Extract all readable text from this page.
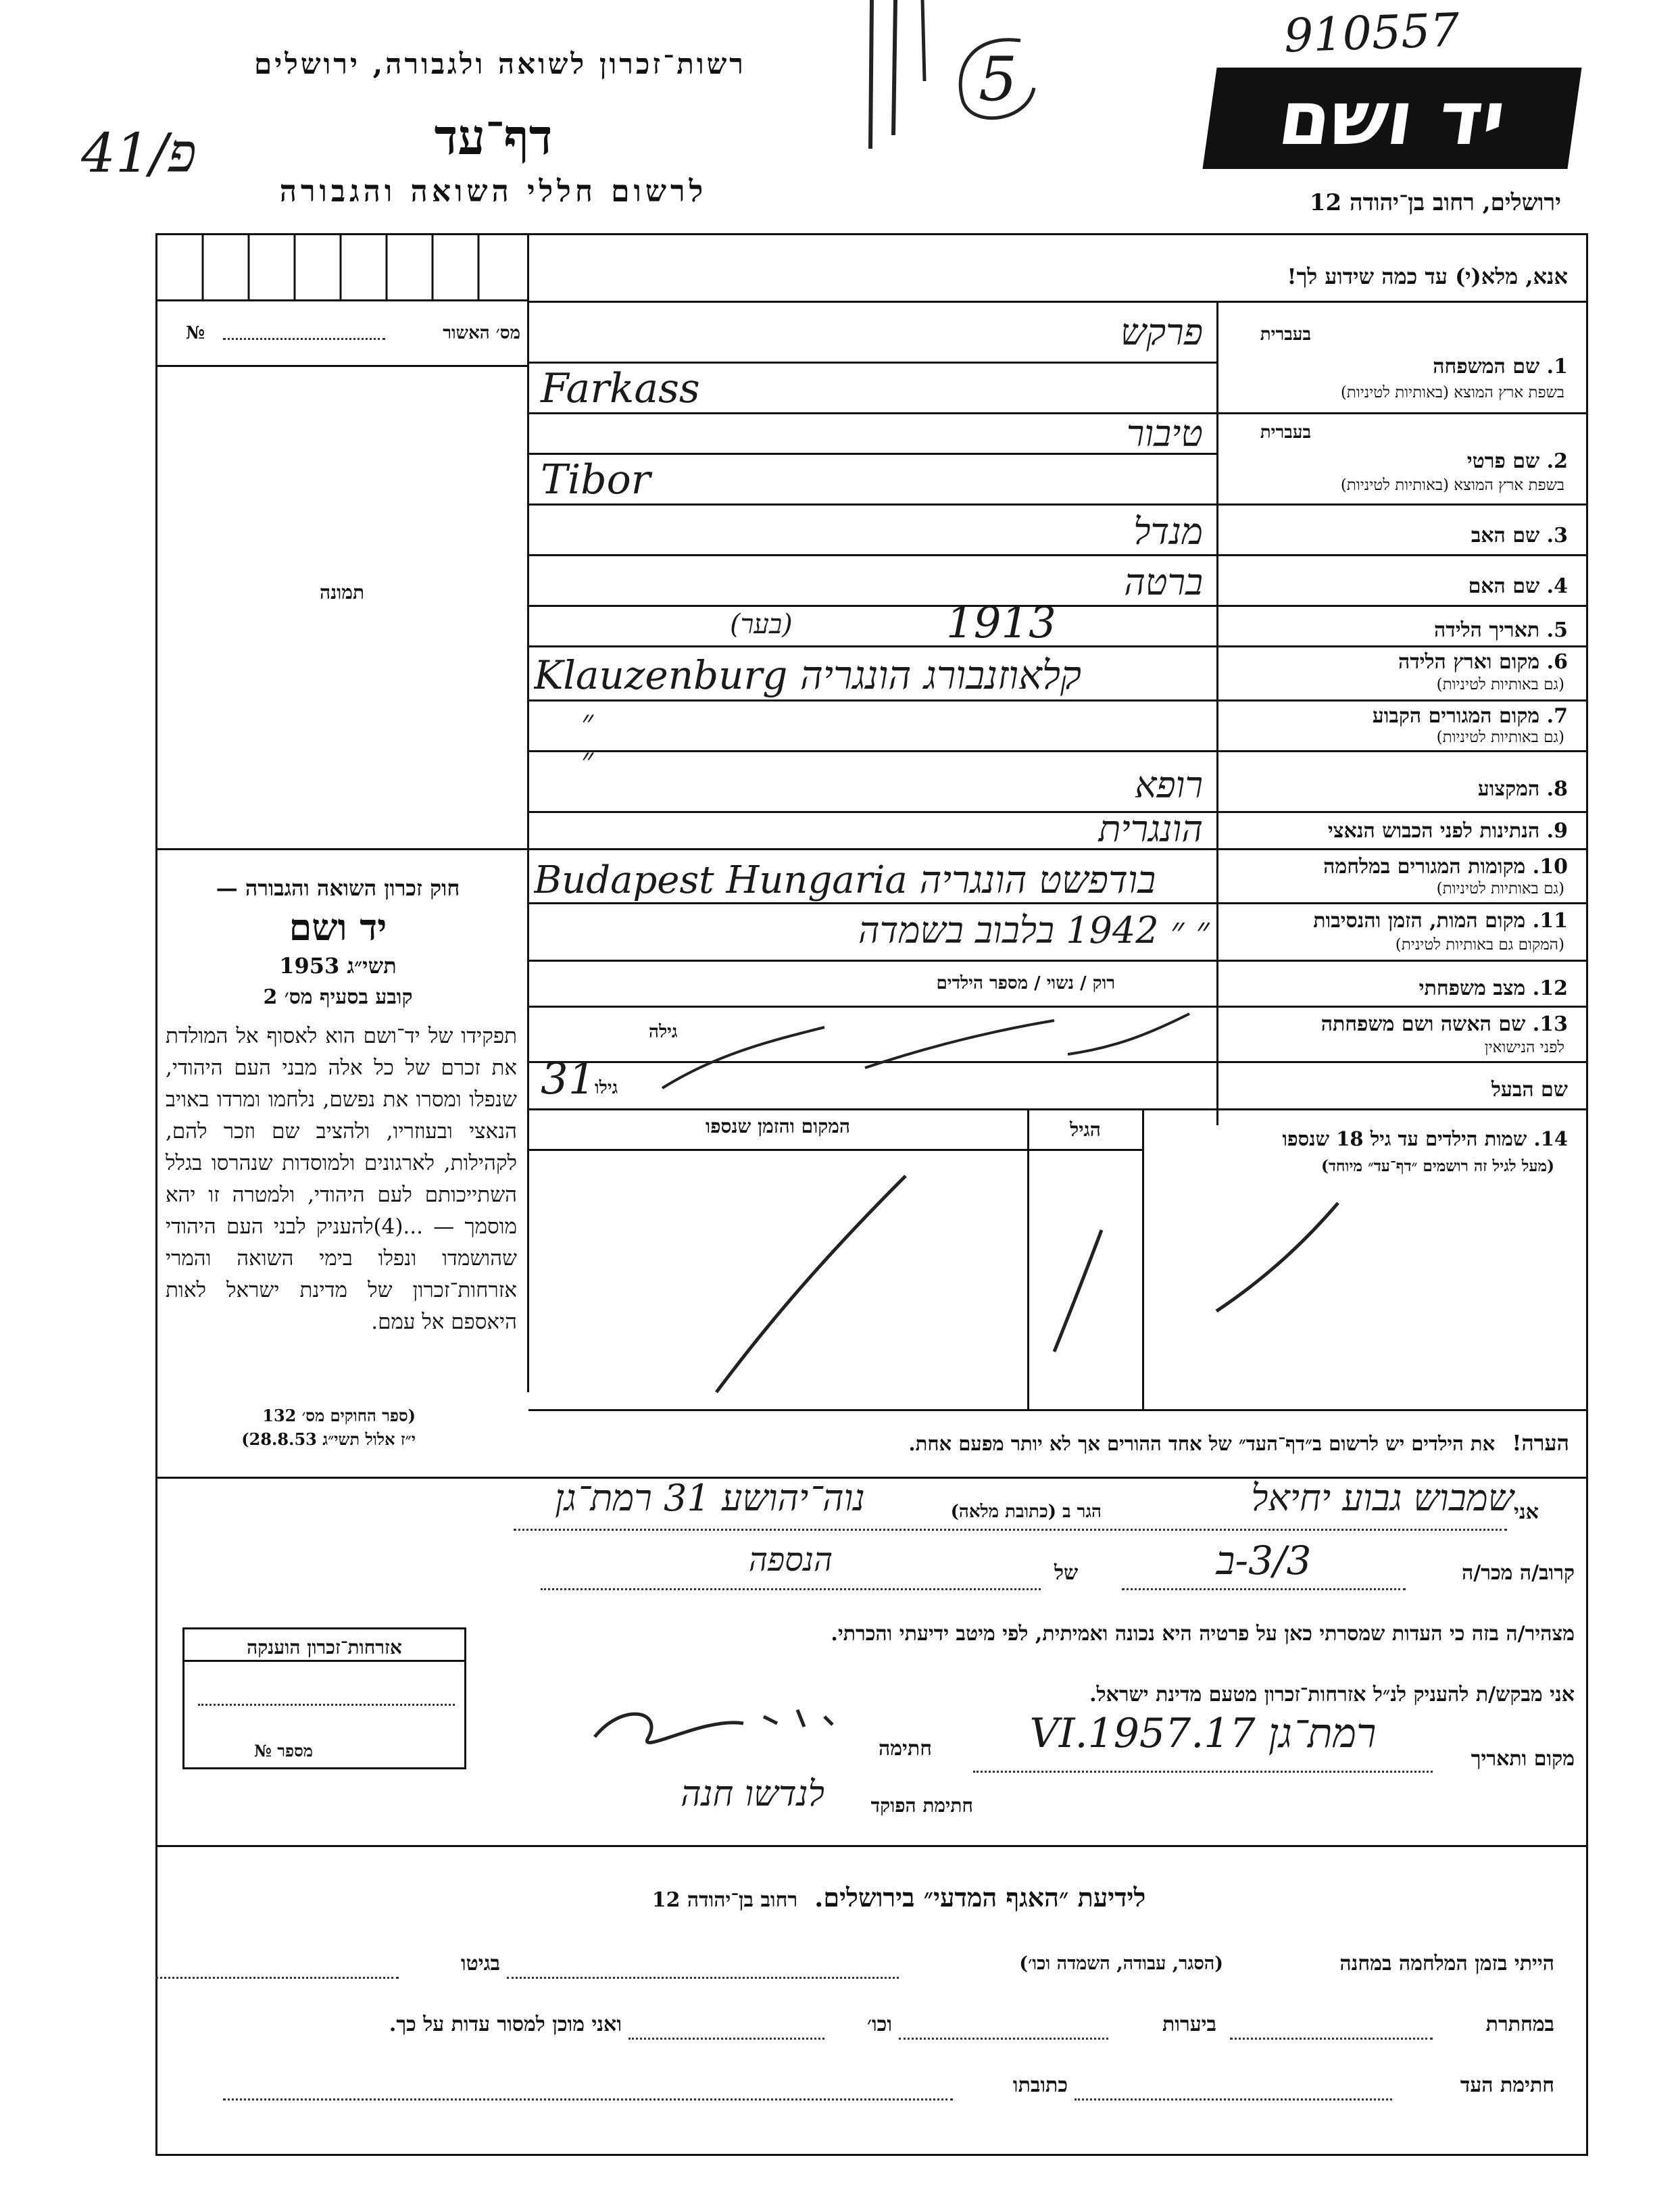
910557
רשות־זכרון לשואה ולגבורה, ירושלים
41/פ	דף־עד
לרשום חללי השואה והגבורה
5	יד ושם
ירושלים, רחוב בן־יהודה 12
מס׳ האשור
№
תמונה
חוק זכרון השואה והגבורה —
יד ושם
תשי״ג 1953
קובע בסעיף מס׳ 2
תפקידו של יד־ושם הוא לאסוף אל המולדת את זכרם של כל אלה מבני העם היהודי, שנפלו ומסרו את נפשם, נלחמו ומרדו באויב הנאצי ובעוזריו, ולהציב שם וזכר להם, לקהילות, לארגונים ולמוסדות שנהרסו בגלל השתייכותם לעם היהודי, ולמטרה זו יהא מוסמך — ...(4)להעניק לבני העם היהודי שהושמדו ונפלו בימי השואה והמרי אזרחות־זכרון של מדינת ישראל לאות היאספם אל עמם.
(ספר החוקים מס׳ 132
י״ז אלול תשי״ג 28.8.53)
אזרחות־זכרון הוענקה
מספר №
אנא, מלא(י) עד כמה שידוע לך!
בעברית
1. שם המשפחה
בשפת ארץ המוצא (באותיות לטיניות)
פרקש
Farkass
בעברית
2. שם פרטי
בשפת ארץ המוצא (באותיות לטיניות)
טיבור
Tibor
3. שם האב
מנדל
4. שם האם
ברטה
5. תאריך הלידה
1913
(בער)
6. מקום וארץ הלידה
(גם באותיות לטיניות)
Klauzenburg קלאוזנבורג הונגריה
7. מקום המגורים הקבוע
(גם באותיות לטיניות)
״ ״
8. המקצוע
רופא
9. הנתינות לפני הכבוש הנאצי
הונגרית
10. מקומות המגורים במלחמה
(גם באותיות לטיניות)
Budapest Hungaria בודפשט הונגריה
11. מקום המות, הזמן והנסיבות
(המקום גם באותיות לטינית)
״ ״ 1942 בלבוב בשמדה
12. מצב משפחתי
רוק / נשוי / מספר הילדים
13. שם האשה ושם משפחתה
לפני הנישואין
גילה
שם הבעל
גילו
31
14. שמות הילדים עד גיל 18 שנספו
(מעל לגיל זה רושמים ״דף־עד״ מיוחד)
הגיל
המקום והזמן שנספו
הערה! את הילדים יש לרשום ב״דף־העד״ של אחד ההורים אך לא יותר מפעם אחת.
אני
שמבוש גבוע יחיאל
הגר ב (כתובת מלאה)
נוה־יהושע 31 רמת־גן
קרוב/ה מכר/ה
3/3-ב
של
הנספה
מצהיר/ה בזה כי העדות שמסרתי כאן על פרטיה היא נכונה ואמיתית, לפי מיטב ידיעתי והכרתי.
אני מבקש/ת להעניק לנ״ל אזרחות־זכרון מטעם מדינת ישראל.
מקום ותאריך
רמת־גן 17.VI.1957
חתימה
חתימת הפוקד
לנדשו חנה
לידיעת ״האגף המדעי״ בירושלים. רחוב בן־יהודה 12
הייתי בזמן המלחמה במחנה
(הסגר, עבודה, השמדה וכו׳)
בגיטו
במחתרת
ביערות
וכו׳
ואני מוכן למסור עדות על כך.
חתימת העד
כתובתו
